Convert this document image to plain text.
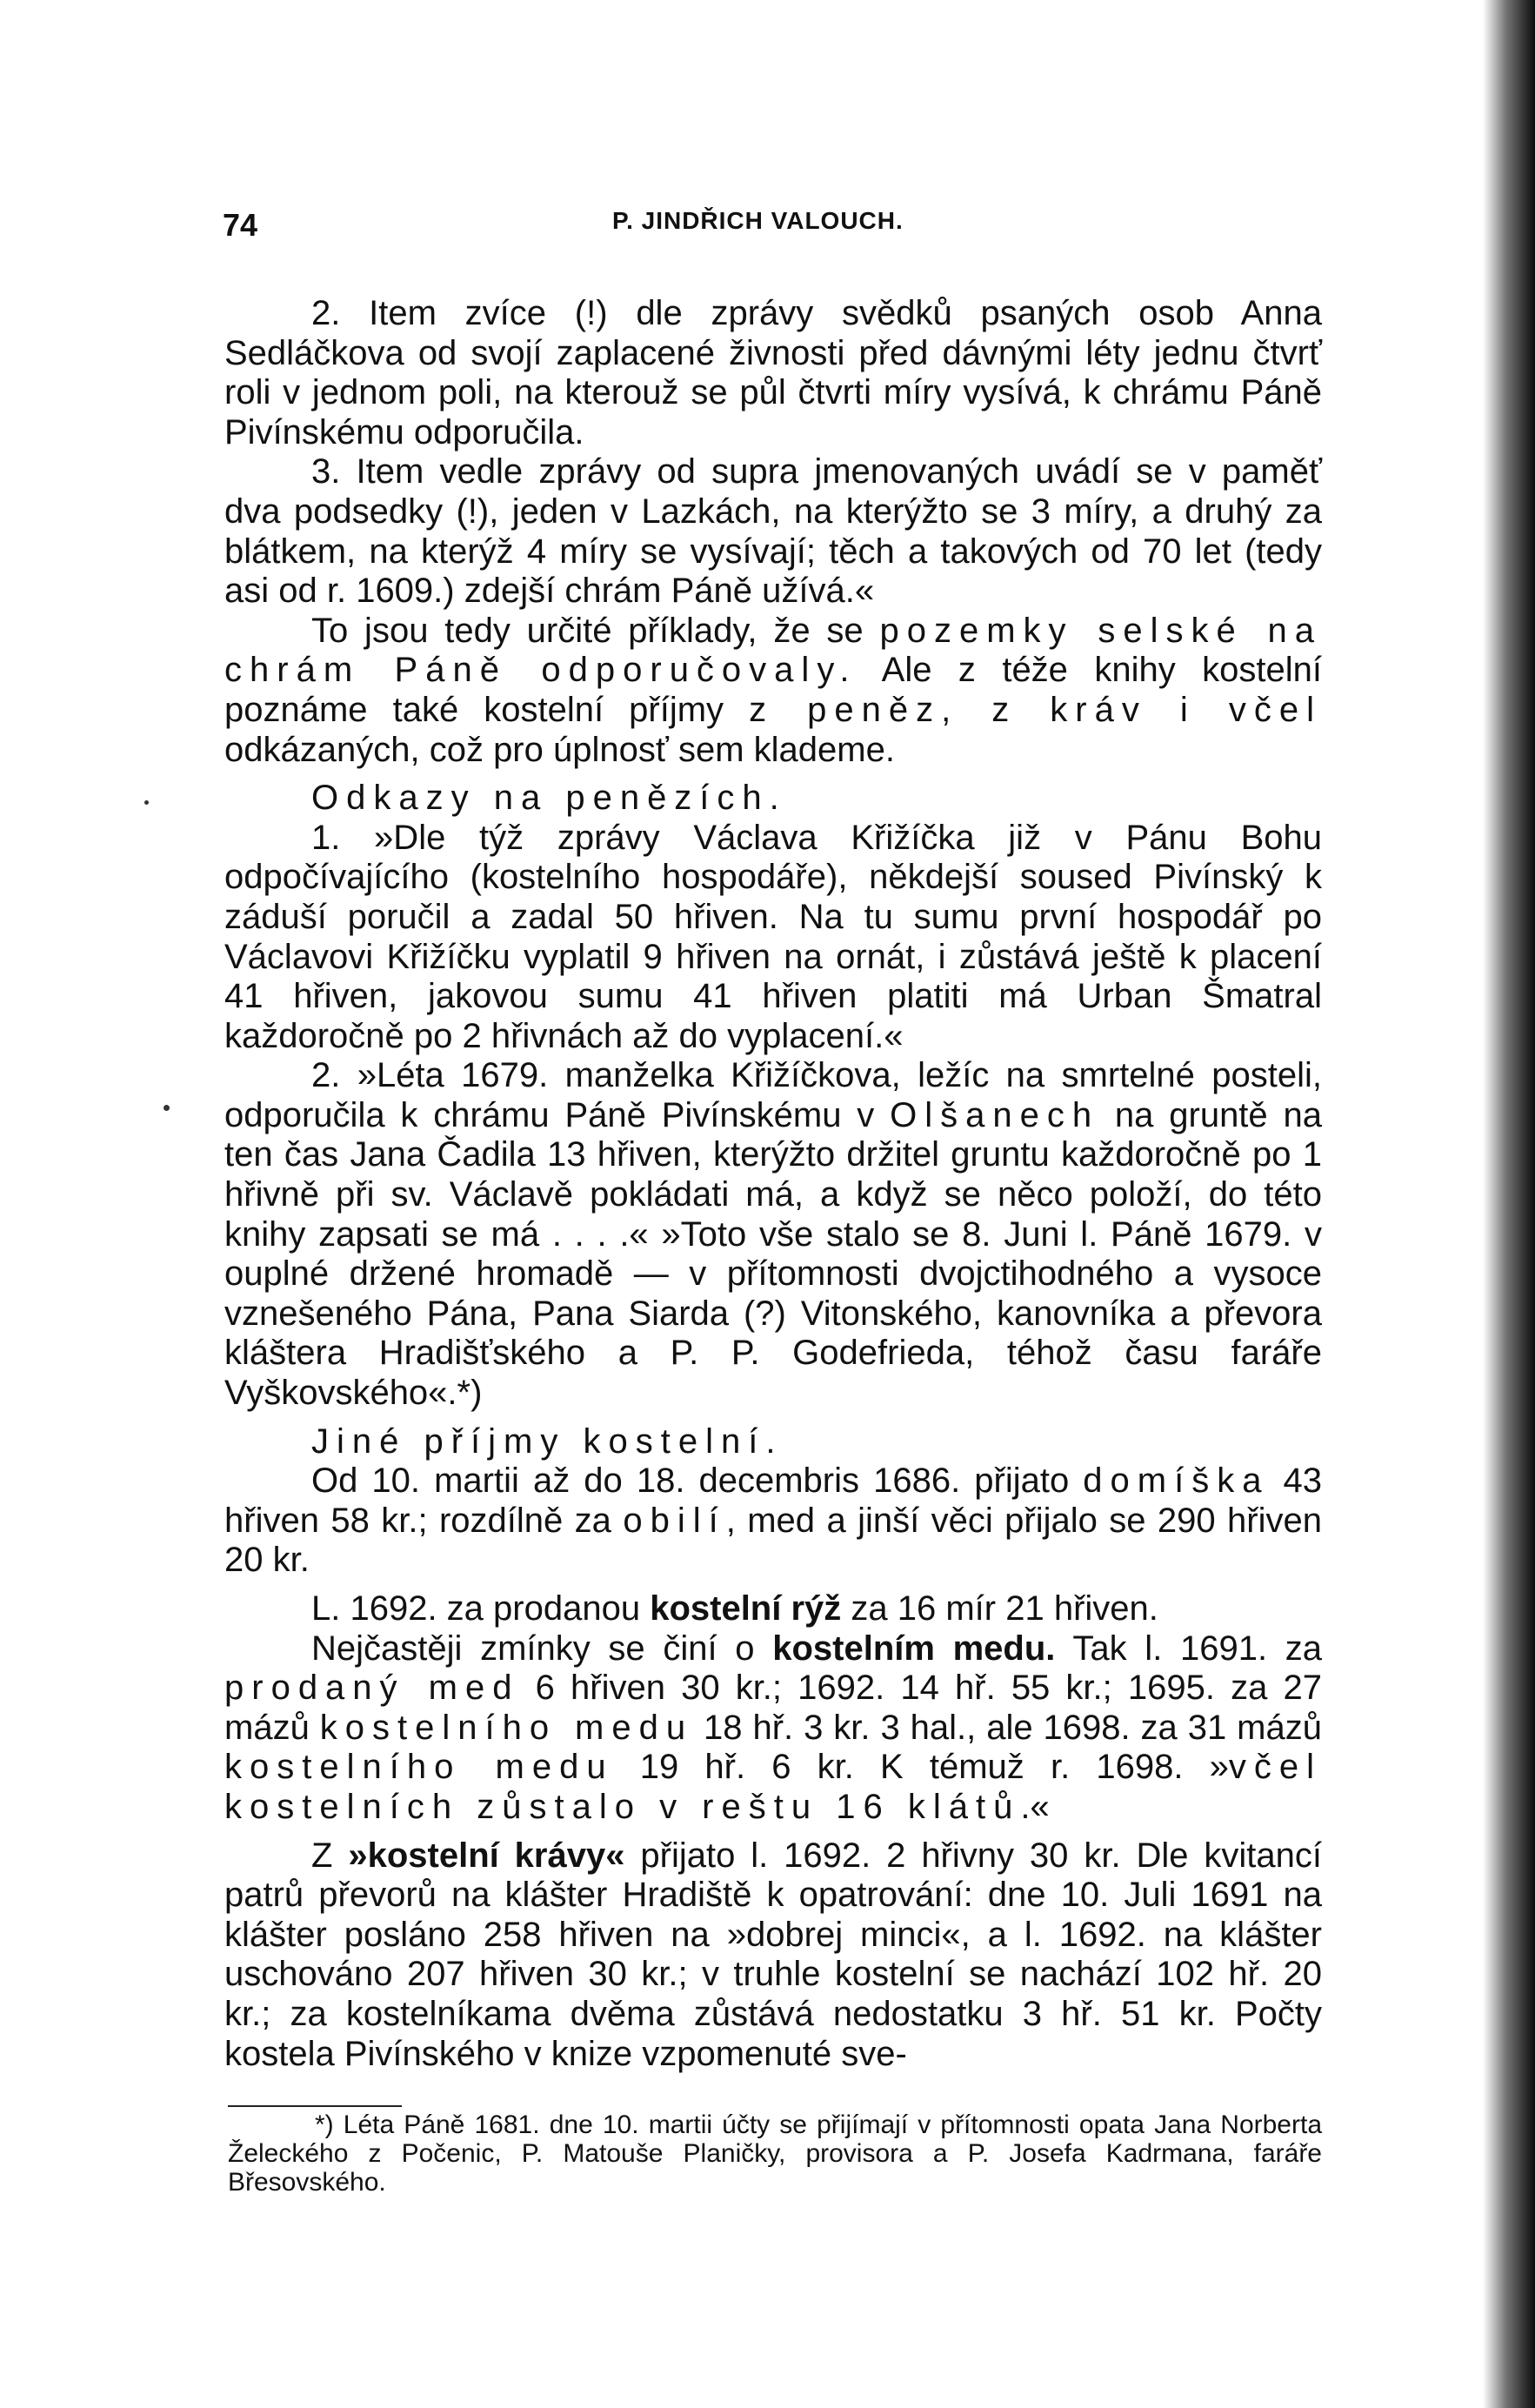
74	P. JINDŘICH VALOUCH.

2. Item zvíce (!) dle zprávy svědků psaných osob Anna Sedláčkova od svojí zaplacené živnosti před dávnými léty jednu čtvrť roli v jednom poli, na kterouž se půl čtvrti míry vysívá, k chrámu Páně Pivínskému odporučila.

3. Item vedle zprávy od supra jmenovaných uvádí se v paměť dva podsedky (!), jeden v Lazkách, na kterýžto se 3 míry, a druhý za blátkem, na kterýž 4 míry se vysívají; těch a takových od 70 let (tedy asi od r. 1609.) zdejší chrám Páně užívá.«

To jsou tedy určité příklady, že se pozemky selské na chrám Páně odporučovaly. Ale z téže knihy kostelní poznáme také kostelní příjmy z peněz, z kráv i včel odkázaných, což pro úplnosť sem klademe.

Odkazy na penězích.

1. »Dle týž zprávy Václava Křižíčka již v Pánu Bohu odpočívajícího (kostelního hospodáře), někdejší soused Pivínský k záduší poručil a zadal 50 hřiven. Na tu sumu první hospodář po Václavovi Křižíčku vyplatil 9 hřiven na ornát, i zůstává ještě k placení 41 hřiven, jakovou sumu 41 hřiven platiti má Urban Šmatral každoročně po 2 hřivnách až do vyplacení.«

2. »Léta 1679. manželka Křižíčkova, ležíc na smrtelné posteli, odporučila k chrámu Páně Pivínskému v Olšanech na gruntě na ten čas Jana Čadila 13 hřiven, kterýžto držitel gruntu každoročně po 1 hřivně při sv. Václavě pokládati má, a když se něco položí, do této knihy zapsati se má . . . .« »Toto vše stalo se 8. Juni l. Páně 1679. v ouplné držené hromadě — v přítomnosti dvojctihodného a vysoce vznešeného Pána, Pana Siarda (?) Vitonského, kanovníka a převora kláštera Hradišťského a P. P. Godefrieda, téhož času faráře Vyškovského«.*)

Jiné příjmy kostelní.

Od 10. martii až do 18. decembris 1686. přijato domíška 43 hřiven 58 kr.; rozdílně za obilí, med a jinší věci přijalo se 290 hřiven 20 kr.

L. 1692. za prodanou kostelní rýž za 16 mír 21 hřiven.

Nejčastěji zmínky se činí o kostelním medu. Tak l. 1691. za prodaný med 6 hřiven 30 kr.; 1692. 14 hř. 55 kr.; 1695. za 27 mázů kostelního medu 18 hř. 3 kr. 3 hal., ale 1698. za 31 mázů kostelního medu 19 hř. 6 kr. K témuž r. 1698. »včel kostelních zůstalo v reštu 16 klátů.«

Z »kostelní krávy« přijato l. 1692. 2 hřivny 30 kr. Dle kvitancí patrů převorů na klášter Hradiště k opatrování: dne 10. Juli 1691 na klášter posláno 258 hřiven na »dobrej minci«, a l. 1692. na klášter uschováno 207 hřiven 30 kr.; v truhle kostelní se nachází 102 hř. 20 kr.; za kostelníkama dvěma zůstává nedostatku 3 hř. 51 kr. Počty kostela Pivínského v knize vzpomenuté sve-

*) Léta Páně 1681. dne 10. martii účty se přijímají v přítomnosti opata Jana Norberta Želeckého z Počenic, P. Matouše Planičky, provisora a P. Josefa Kadrmana, faráře Břesovského.
